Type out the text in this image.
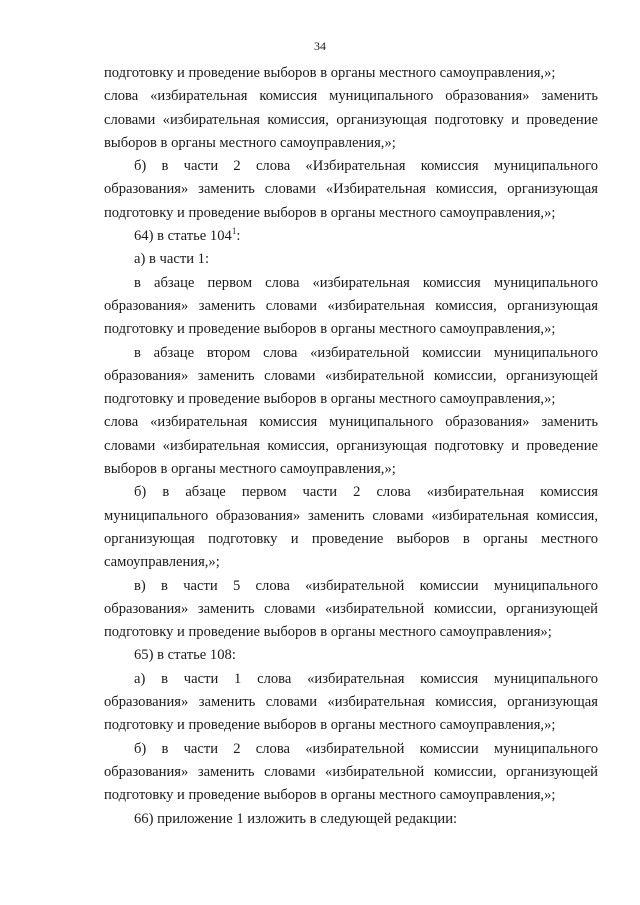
34

подготовку и проведение выборов в органы местного самоуправления,»;

слова «избирательная комиссия муниципального образования» заменить словами «избирательная комиссия, организующая подготовку и проведение выборов в органы местного самоуправления,»;

б) в части 2 слова «Избирательная комиссия муниципального образования» заменить словами «Избирательная комиссия, организующая подготовку и проведение выборов в органы местного самоуправления,»;

64) в статье $104^1$:

а) в части 1:

в абзаце первом слова «избирательная комиссия муниципального образования» заменить словами «избирательная комиссия, организующая подготовку и проведение выборов в органы местного самоуправления,»;

в абзаце втором слова «избирательной комиссии муниципального образования» заменить словами «избирательной комиссии, организующей подготовку и проведение выборов в органы местного самоуправления,»;

слова «избирательная комиссия муниципального образования» заменить словами «избирательная комиссия, организующая подготовку и проведение выборов в органы местного самоуправления,»;

б) в абзаце первом части 2 слова «избирательная комиссия муниципального образования» заменить словами «избирательная комиссия, организующая подготовку и проведение выборов в органы местного самоуправления,»;

в) в части 5 слова «избирательной комиссии муниципального образования» заменить словами «избирательной комиссии, организующей подготовку и проведение выборов в органы местного самоуправления»;

65) в статье 108:

а) в части 1 слова «избирательная комиссия муниципального образования» заменить словами «избирательная комиссия, организующая подготовку и проведение выборов в органы местного самоуправления,»;

б) в части 2 слова «избирательной комиссии муниципального образования» заменить словами «избирательной комиссии, организующей подготовку и проведение выборов в органы местного самоуправления,»;

66) приложение 1 изложить в следующей редакции:
